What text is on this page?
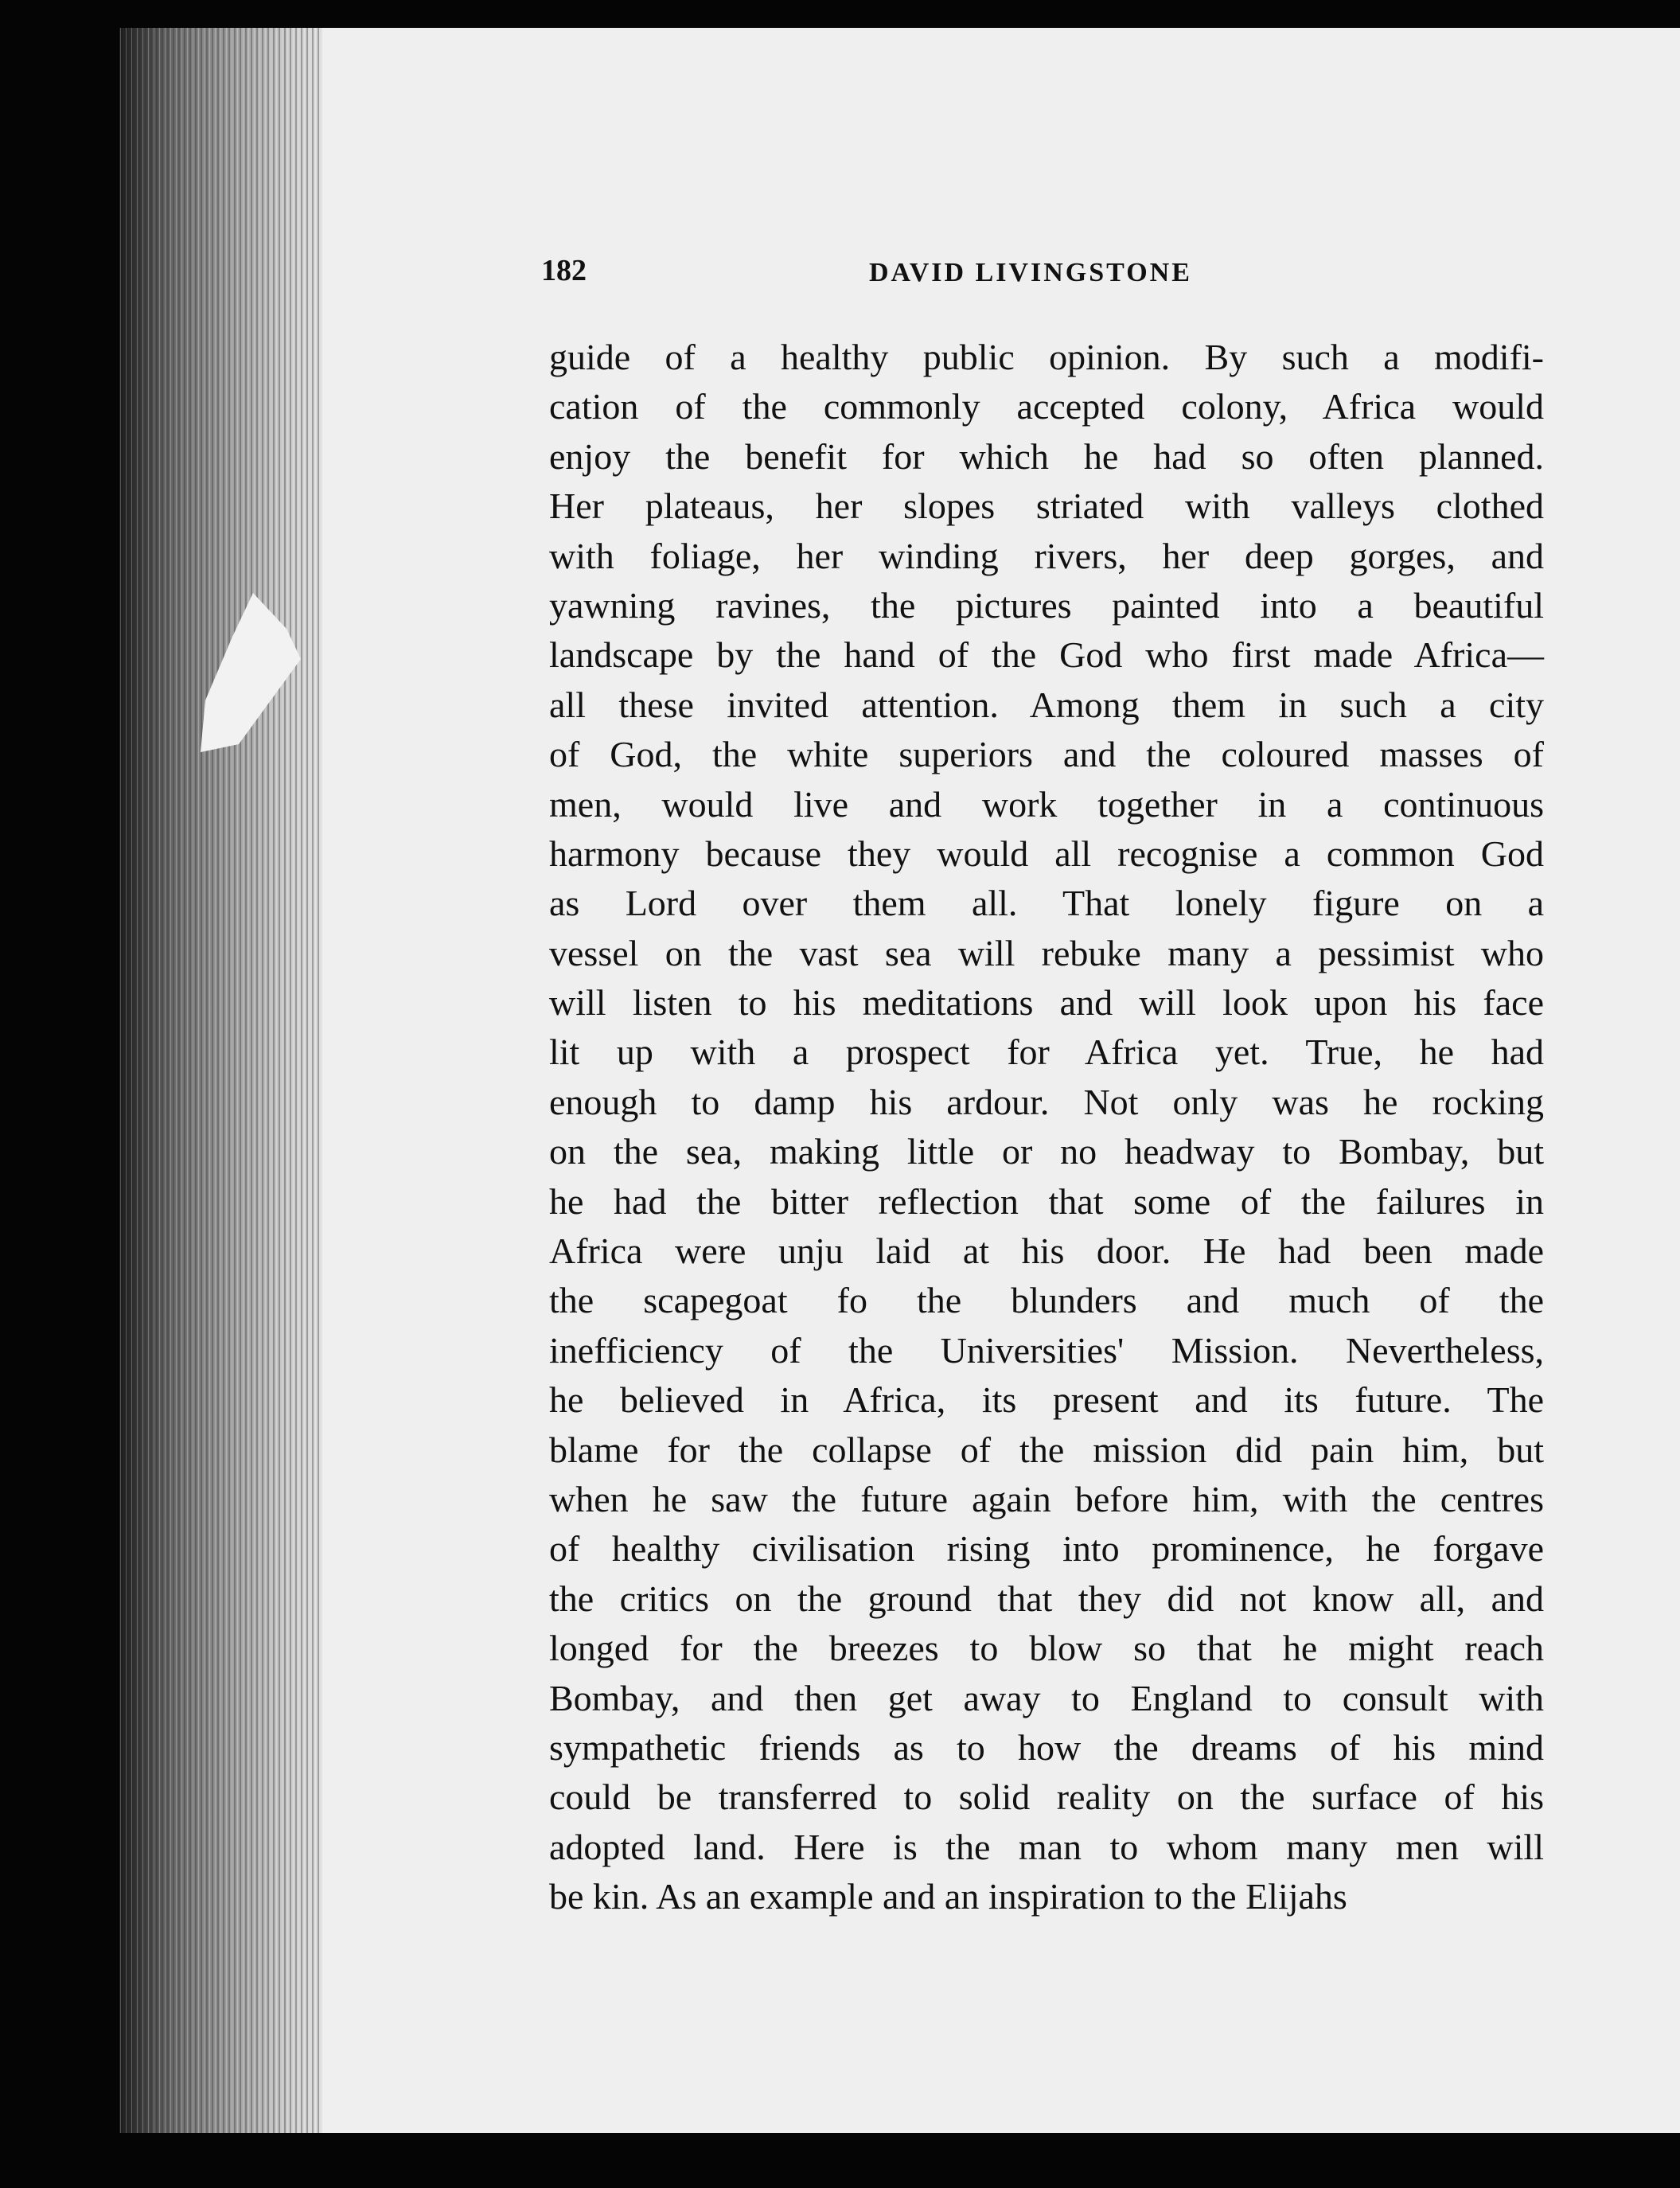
182	DAVID LIVINGSTONE
guide of a healthy public opinion. By such a modifi-
cation of the commonly accepted colony, Africa would
enjoy the benefit for which he had so often planned.
Her plateaus, her slopes striated with valleys clothed
with foliage, her winding rivers, her deep gorges, and
yawning ravines, the pictures painted into a beautiful
landscape by the hand of the God who first made Africa—
all these invited attention. Among them in such a city
of God, the white superiors and the coloured masses of
men, would live and work together in a continuous
harmony because they would all recognise a common God
as Lord over them all. That lonely figure on a
vessel on the vast sea will rebuke many a pessimist who
will listen to his meditations and will look upon his face
lit up with a prospect for Africa yet. True, he had
enough to damp his ardour. Not only was he rocking
on the sea, making little or no headway to Bombay, but
he had the bitter reflection that some of the failures in
Africa were unju laid at his door. He had been made
the scapegoat fo the blunders and much of the
inefficiency of the Universities' Mission. Nevertheless,
he believed in Africa, its present and its future. The
blame for the collapse of the mission did pain him, but
when he saw the future again before him, with the centres
of healthy civilisation rising into prominence, he forgave
the critics on the ground that they did not know all, and
longed for the breezes to blow so that he might reach
Bombay, and then get away to England to consult with
sympathetic friends as to how the dreams of his mind
could be transferred to solid reality on the surface of his
adopted land. Here is the man to whom many men will
be kin. As an example and an inspiration to the Elijahs
